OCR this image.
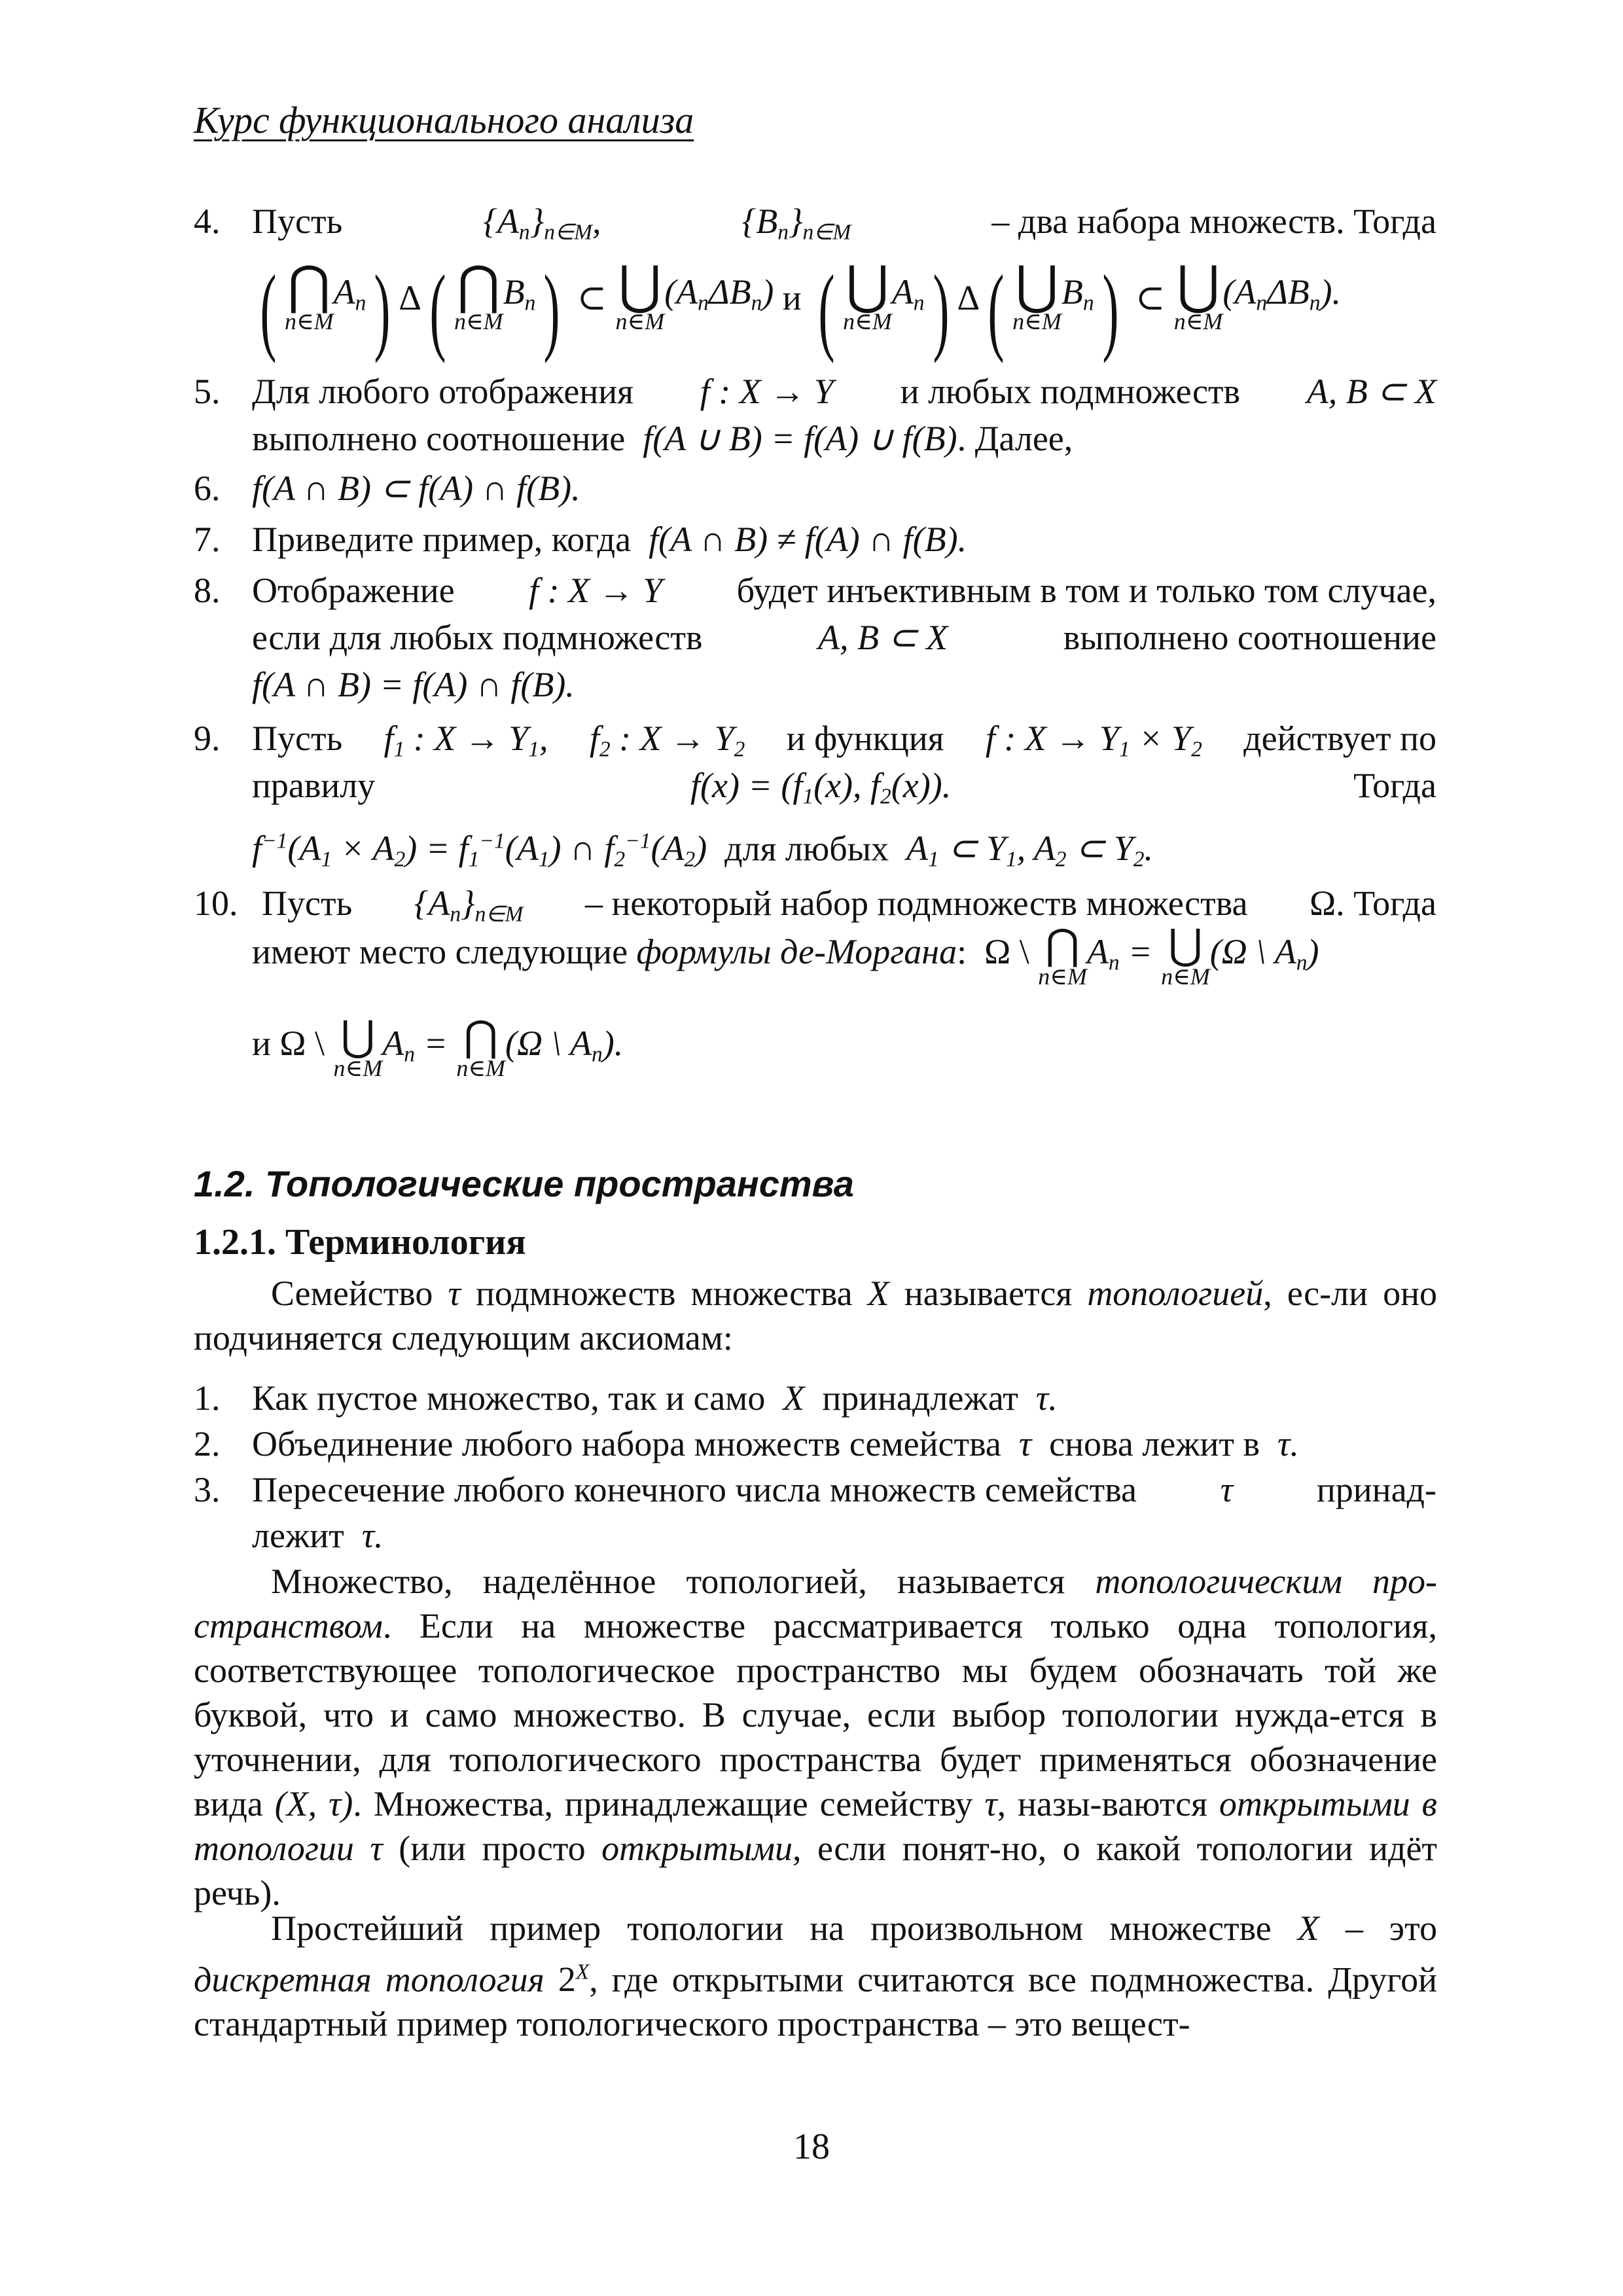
Курс функционального анализа
4. Пусть	$\{A_n\}_{n\in M}$,	$\{B_n\}_{n\in M}$	– два набора множеств. Тогда
( ⋂
n∈M
$A_n$ ) Δ ( ⋂
n∈M
$B_n$ ) ⊂ ⋃
n∈M
$(A_n\Delta B_n)$
и
( ⋃
n∈M
$A_n$ ) Δ ( ⋃
n∈M
$B_n$ ) ⊂ ⋃
n∈M
$(A_n\Delta B_n)$.
5. Для любого отображения f : X → Y и любых подмножеств A, B ⊂ X
выполнено соотношение  f(A ∪ B) = f(A) ∪ f(B). Далее,
6. f(A ∩ B) ⊂ f(A) ∩ f(B).
7. Приведите пример, когда  f(A ∩ B) ≠ f(A) ∩ f(B).
8. Отображение f : X → Y будет инъективным в том и только том случае,
если для любых подмножеств	A, B ⊂ X	выполнено соотношение
f(A ∩ B) = f(A) ∩ f(B).
9. Пусть $f_1$ : $X \to Y_1$, $f_2$ : $X \to Y_2$ и функция f : $X \to Y_1 \times Y_2$ действует по
правилу	$f(x) = (f_1(x)$, $f_2(x)$).	Тогда
$f^{-1}(A_1 \times A_2) = f_1^{-1}(A_1)$ ∩ $f_2^{-1}(A_2)$  для любых  $A_1$ ⊂ $Y_1$, $A_2$ ⊂ $Y_2$.
10. Пусть $\{A_n\}_{n\in M}$ – некоторый набор подмножеств множества Ω. Тогда
имеют место следующие
формулы де-Моргана :  Ω \ ⋂
n∈M
$A_n$ = ⋃
n∈M
(Ω \ $A_n$)
и Ω \ ⋃
n∈M
$A_n$ = ⋂
n∈M
(Ω \ $A_n$).
1.2. Топологические пространства
1.2.1. Терминология
Семейство τ подмножеств множества X называется топологией, ес-ли оно подчиняется следующим аксиомам:
1. Как пустое множество, так и само  X  принадлежат  τ.
2. Объединение любого набора множеств семейства  τ  снова лежит в  τ.
3. Пересечение любого конечного числа множеств семейства τ принад-
лежит  τ.
Множество, наделённое топологией, называется топологическим про-странством. Если на множестве рассматривается только одна топология, соответствующее топологическое пространство мы будем обозначать той же буквой, что и само множество. В случае, если выбор топологии нужда-ется в уточнении, для топологического пространства будет применяться обозначение вида (X, τ). Множества, принадлежащие семейству τ, назы-ваются открытыми в топологии τ (или просто открытыми, если понят-но, о какой топологии идёт речь).
Простейший пример топологии на произвольном множестве X – это дискретная топология $2^X$, где открытыми считаются все подмножества. Другой стандартный пример топологического пространства – это вещест-
18
